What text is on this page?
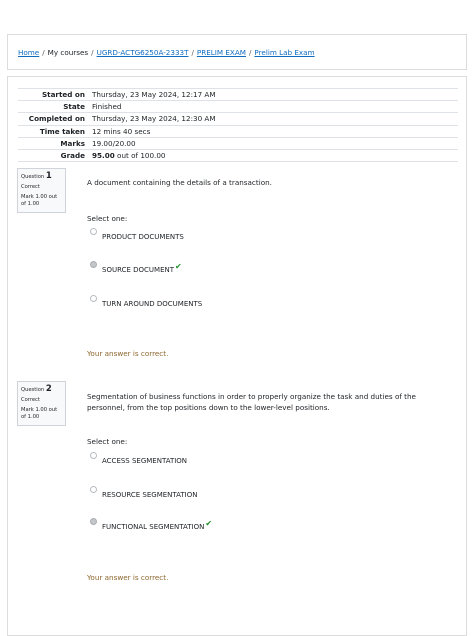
Home / My courses / UGRD-ACTG6250A-2333T / PRELIM EXAM / Prelim Lab Exam
Started on	Thursday, 23 May 2024, 12:17 AM
State	Finished
Completed on	Thursday, 23 May 2024, 12:30 AM
Time taken	12 mins 40 secs
Marks	19.00/20.00
Grade	95.00 out of 100.00
Question 1
Correct
Mark 1.00 out of 1.00
A document containing the details of a transaction.
Select one:
PRODUCT DOCUMENTS
SOURCE DOCUMENT✔
TURN AROUND DOCUMENTS
Your answer is correct.
Question 2
Correct
Mark 1.00 out of 1.00
Segmentation of business functions in order to properly organize the task and duties of the personnel, from the top positions down to the lower-level positions.
Select one:
ACCESS SEGMENTATION
RESOURCE SEGMENTATION
FUNCTIONAL SEGMENTATION✔
Your answer is correct.
